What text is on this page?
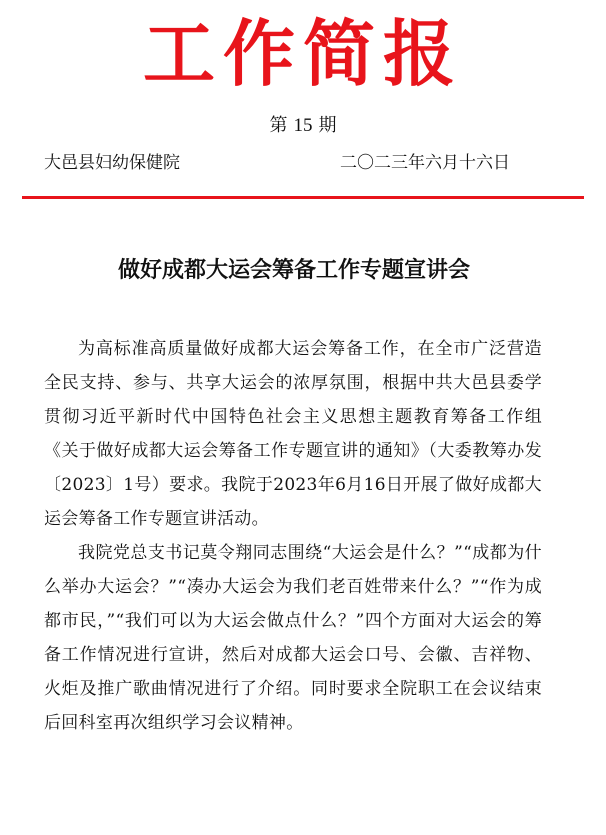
工作简报
第 15 期
大邑县妇幼保健院	二〇二三年六月十六日
做好成都大运会筹备工作专题宣讲会

为高标准高质量做好成都大运会筹备工作，在全市广泛营造全民支持、参与、共享大运会的浓厚氛围，根据中共大邑县委学贯彻习近平新时代中国特色社会主义思想主题教育筹备工作组《关于做好成都大运会筹备工作专题宣讲的通知》（大委教筹办发〔2023〕1号）要求。我院于2023年6月16日开展了做好成都大运会筹备工作专题宣讲活动。

我院党总支书记莫令翔同志围绕“大运会是什么？”“成都为什么举办大运会？”“凑办大运会为我们老百姓带来什么？”“作为成都市民，”“我们可以为大运会做点什么？”四个方面对大运会的筹备工作情况进行宣讲，然后对成都大运会口号、会徽、吉祥物、火炬及推广歌曲情况进行了介绍。同时要求全院职工在会议结束后回科室再次组织学习会议精神。
